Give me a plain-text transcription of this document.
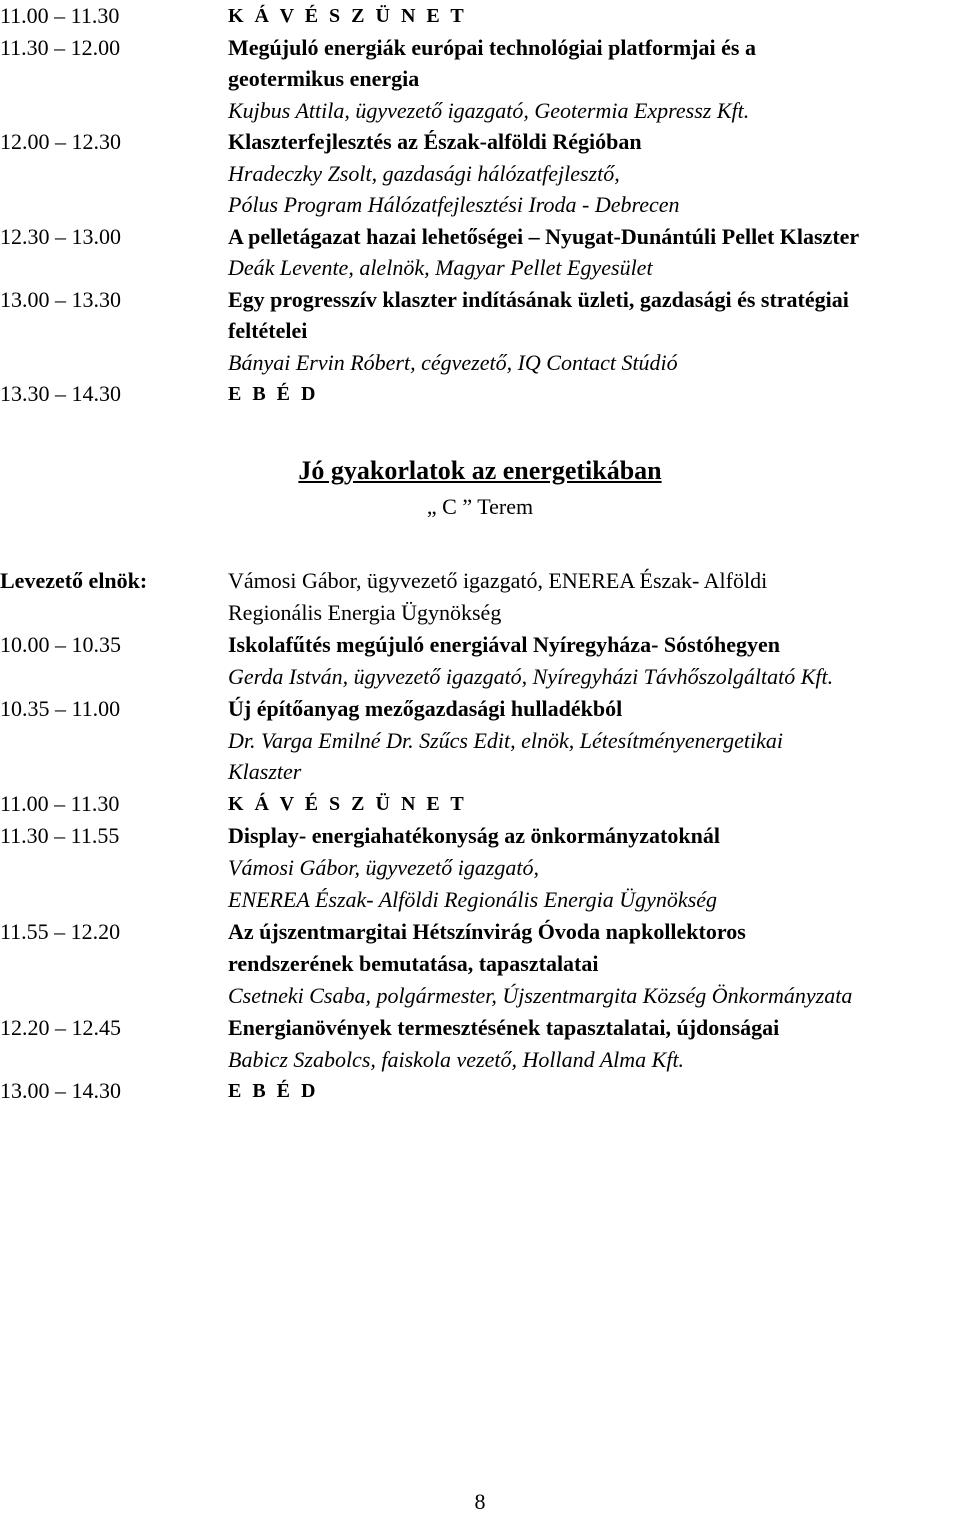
11.00 – 11.30	K Á V É S Z Ü N E T
11.30 – 12.00	Megújuló energiák európai technológiai platformjai és a
geotermikus energia
Kujbus Attila, ügyvezető igazgató, Geotermia Expressz Kft.
12.00 – 12.30	Klaszterfejlesztés az Észak-alföldi Régióban
Hradeczky Zsolt, gazdasági hálózatfejlesztő,
Pólus Program Hálózatfejlesztési Iroda - Debrecen
12.30 – 13.00	A pelletágazat hazai lehetőségei – Nyugat-Dunántúli Pellet Klaszter
Deák Levente, alelnök, Magyar Pellet Egyesület
13.00 – 13.30	Egy progresszív klaszter indításának üzleti, gazdasági és stratégiai
feltételei
Bányai Ervin Róbert, cégvezető, IQ Contact Stúdió
13.30 – 14.30	E B É D
Jó gyakorlatok az energetikában
„ C ” Terem
Levezető elnök:	Vámosi Gábor, ügyvezető igazgató, ENEREA Észak- Alföldi
Regionális Energia Ügynökség
10.00 – 10.35	Iskolafűtés megújuló energiával Nyíregyháza- Sóstóhegyen
Gerda István, ügyvezető igazgató, Nyíregyházi Távhőszolgáltató Kft.
10.35 – 11.00	Új építőanyag mezőgazdasági hulladékból
Dr. Varga Emilné Dr. Szűcs Edit, elnök, Létesítményenergetikai
Klaszter
11.00 – 11.30	K Á V É S Z Ü N E T
11.30 – 11.55	Display- energiahatékonyság az önkormányzatoknál
Vámosi Gábor, ügyvezető igazgató,
ENEREA Észak- Alföldi Regionális Energia Ügynökség
11.55 – 12.20	Az újszentmargitai Hétszínvirág Óvoda napkollektoros
rendszerének bemutatása, tapasztalatai
Csetneki Csaba, polgármester, Újszentmargita Község Önkormányzata
12.20 – 12.45	Energianövények termesztésének tapasztalatai, újdonságai
Babicz Szabolcs, faiskola vezető, Holland Alma Kft.
13.00 – 14.30	E B É D
8
